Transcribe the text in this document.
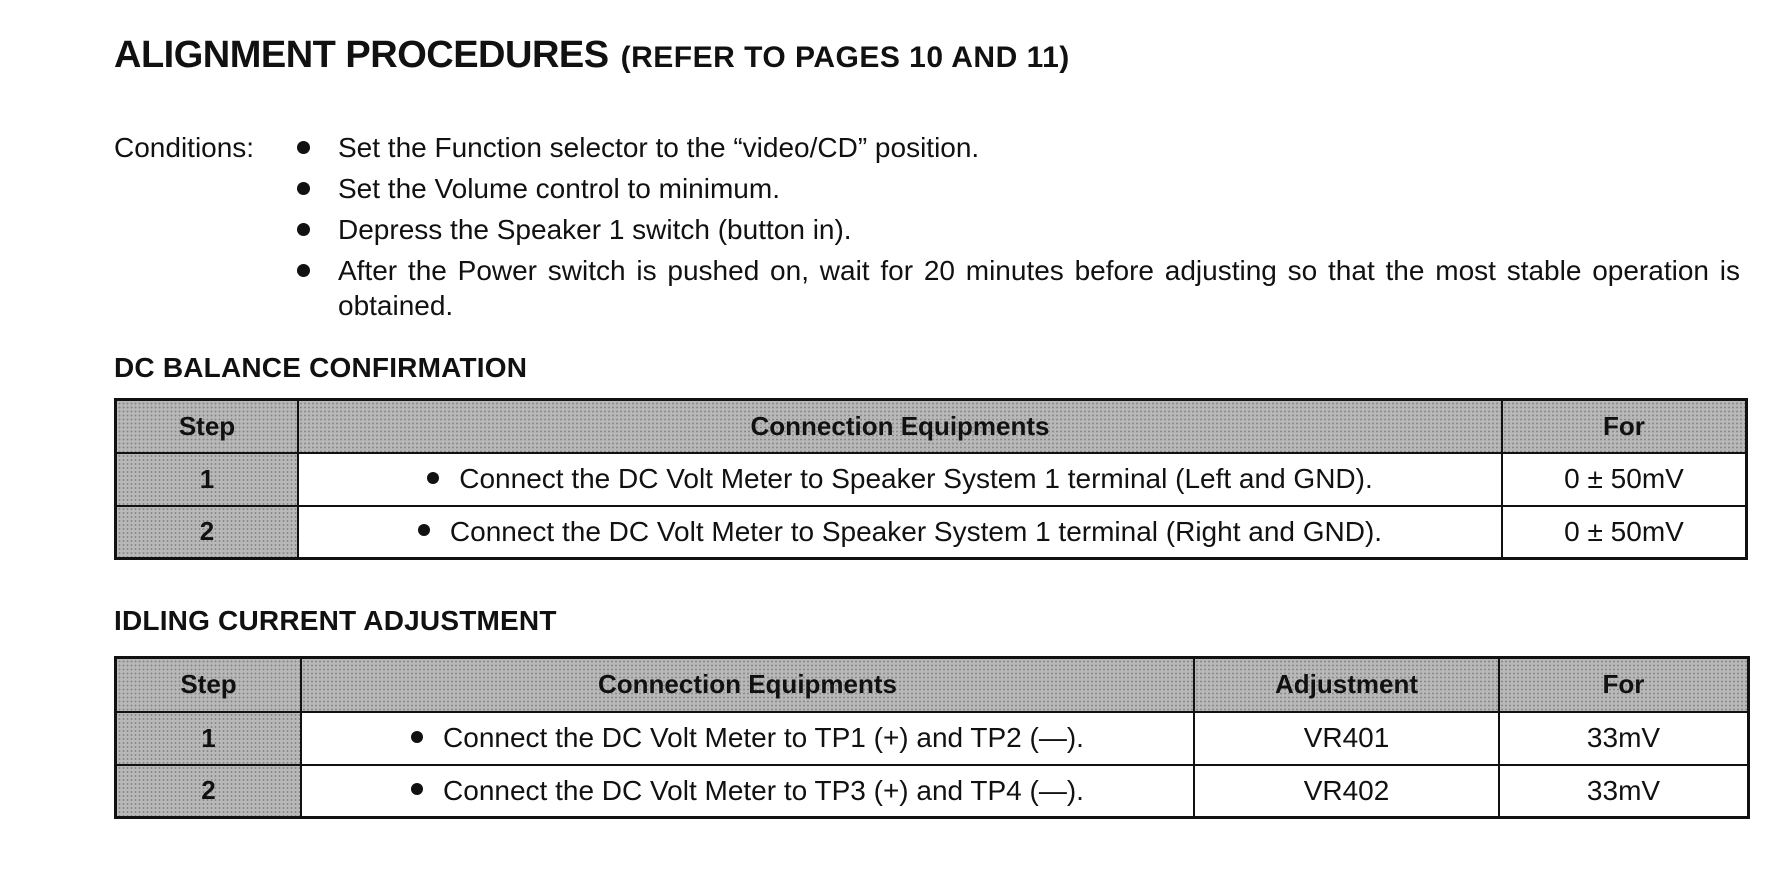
ALIGNMENT PROCEDURES (REFER TO PAGES 10 AND 11)
Conditions:	Set the Function selector to the “video/CD” position.
Set the Volume control to minimum.
Depress the Speaker 1 switch (button in).
After the Power switch is pushed on, wait for 20 minutes before adjusting so that the most stable operation is obtained.
DC BALANCE CONFIRMATION
Step	Connection Equipments	For
1	Connect the DC Volt Meter to Speaker System 1 terminal (Left and GND).	0 ± 50mV
2	Connect the DC Volt Meter to Speaker System 1 terminal (Right and GND).	0 ± 50mV
IDLING CURRENT ADJUSTMENT
Step	Connection Equipments	Adjustment	For
1	Connect the DC Volt Meter to TP1 (+) and TP2 (—).	VR401	33mV
2	Connect the DC Volt Meter to TP3 (+) and TP4 (—).	VR402	33mV
